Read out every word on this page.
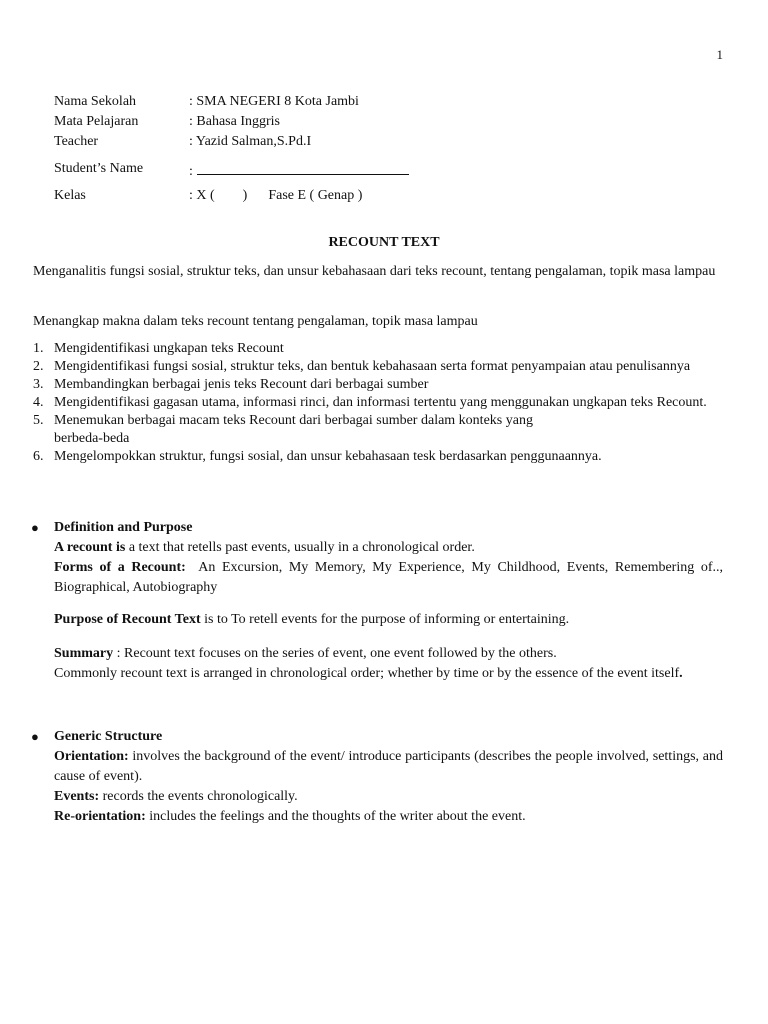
1
Nama Sekolah	: SMA NEGERI 8 Kota Jambi
Mata Pelajaran	: Bahasa Inggris
Teacher	: Yazid Salman,S.Pd.I
Student’s Name	:
Kelas	: X (        )      Fase E ( Genap )
RECOUNT TEXT
Menganalitis fungsi sosial, struktur teks, dan unsur kebahasaan dari teks recount, tentang pengalaman, topik masa lampau
Menangkap makna dalam teks recount tentang pengalaman, topik masa lampau
1. Mengidentifikasi ungkapan teks Recount
2. Mengidentifikasi fungsi sosial, struktur teks, dan bentuk kebahasaan serta format penyampaian atau penulisannya
3. Membandingkan berbagai jenis teks Recount dari berbagai sumber
4. Mengidentifikasi gagasan utama, informasi rinci, dan informasi tertentu yang menggunakan ungkapan teks Recount.
5. Menemukan berbagai macam teks Recount dari berbagai sumber dalam konteks yang
berbeda-beda
6. Mengelompokkan struktur, fungsi sosial, dan unsur kebahasaan tesk berdasarkan penggunaannya.
● Definition and Purpose

A recount is a text that retells past events, usually in a chronological order.

Forms of a Recount:  An Excursion, My Memory, My Experience, My Childhood, Events, Remembering of.., Biographical, Autobiography

Purpose of Recount Text is to To retell events for the purpose of informing or entertaining.

Summary : Recount text focuses on the series of event, one event followed by the others.

Commonly recount text is arranged in chronological order; whether by time or by the essence of the event itself.

● Generic Structure

Orientation: involves the background of the event/ introduce participants (describes the people involved, settings, and cause of event).

Events: records the events chronologically.

Re-orientation: includes the feelings and the thoughts of the writer about the event.
